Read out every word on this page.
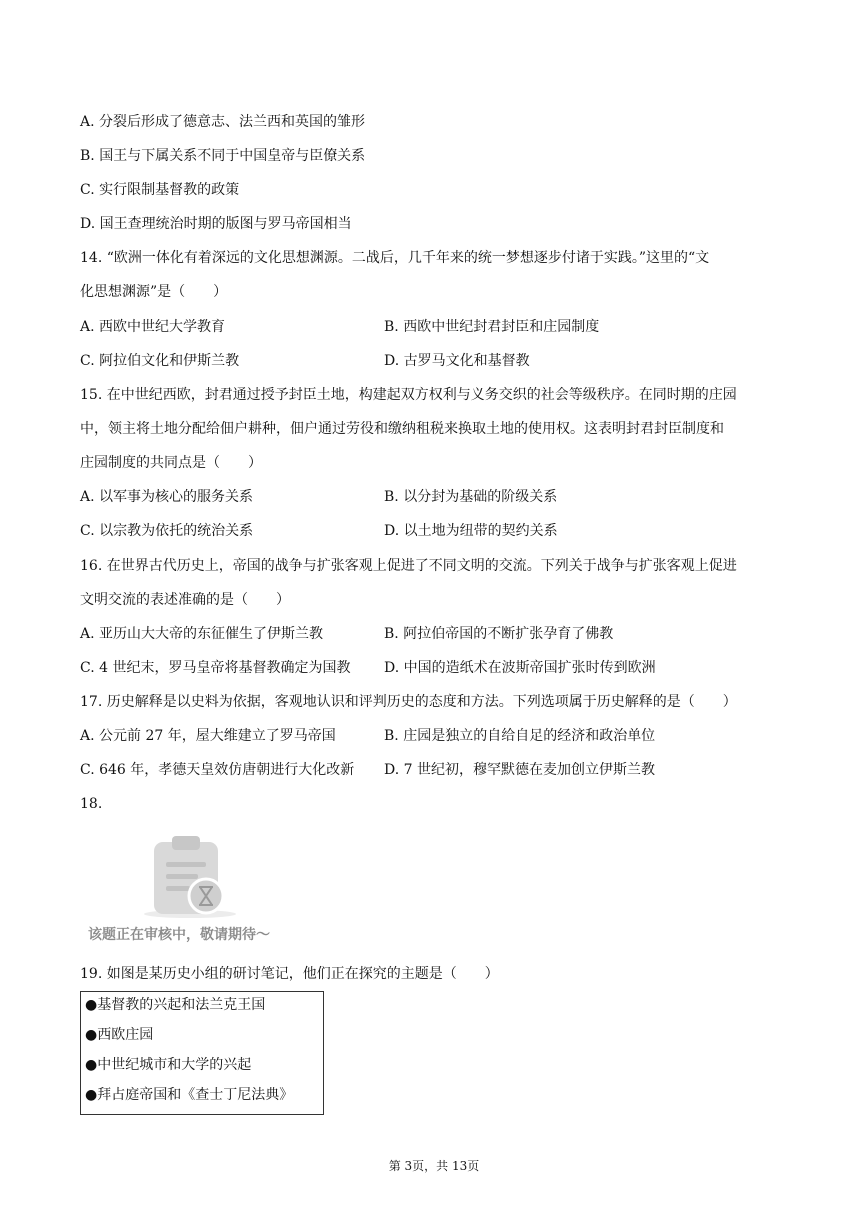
A. 分裂后形成了德意志、法兰西和英国的雏形
B. 国王与下属关系不同于中国皇帝与臣僚关系
C. 实行限制基督教的政策
D. 国王查理统治时期的版图与罗马帝国相当
14. “欧洲一体化有着深远的文化思想渊源。二战后，几千年来的统一梦想逐步付诸于实践。”这里的“文
化思想渊源”是（　　）
A. 西欧中世纪大学教育	B. 西欧中世纪封君封臣和庄园制度
C. 阿拉伯文化和伊斯兰教	D. 古罗马文化和基督教
15. 在中世纪西欧，封君通过授予封臣土地，构建起双方权利与义务交织的社会等级秩序。在同时期的庄园
中，领主将土地分配给佃户耕种，佃户通过劳役和缴纳租税来换取土地的使用权。这表明封君封臣制度和
庄园制度的共同点是（　　）
A. 以军事为核心的服务关系	B. 以分封为基础的阶级关系
C. 以宗教为依托的统治关系	D. 以土地为纽带的契约关系
16. 在世界古代历史上，帝国的战争与扩张客观上促进了不同文明的交流。下列关于战争与扩张客观上促进
文明交流的表述准确的是（　　）
A. 亚历山大大帝的东征催生了伊斯兰教	B. 阿拉伯帝国的不断扩张孕育了佛教
C. 4 世纪末，罗马皇帝将基督教确定为国教 D. 中国的造纸术在波斯帝国扩张时传到欧洲
17. 历史解释是以史料为依据，客观地认识和评判历史的态度和方法。下列选项属于历史解释的是（　　）
A. 公元前 27 年，屋大维建立了罗马帝国	B. 庄园是独立的自给自足的经济和政治单位
C. 646 年，孝德天皇效仿唐朝进行大化改新 D. 7 世纪初，穆罕默德在麦加创立伊斯兰教
18.
该题正在审核中，敬请期待～
19. 如图是某历史小组的研讨笔记，他们正在探究的主题是（　　）
●基督教的兴起和法兰克王国
●西欧庄园
●中世纪城市和大学的兴起
●拜占庭帝国和《查士丁尼法典》
第 3页，共 13页
